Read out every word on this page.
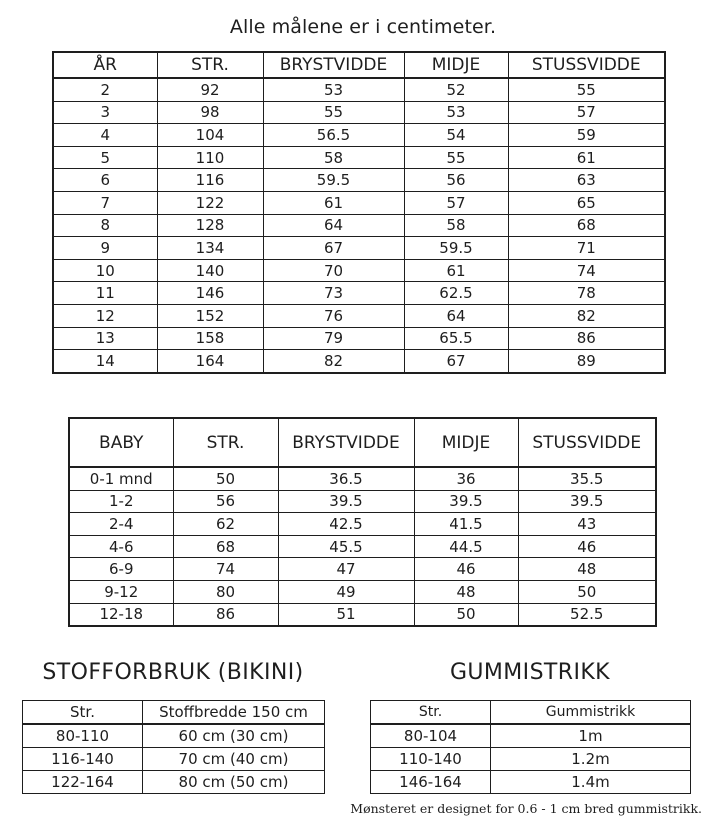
Alle målene er i centimeter.
ÅR	STR.	BRYSTVIDDE	MIDJE	STUSSVIDDE
2	92	53	52	55
3	98	55	53	57
4	104	56.5	54	59
5	110	58	55	61
6	116	59.5	56	63
7	122	61	57	65
8	128	64	58	68
9	134	67	59.5	71
10	140	70	61	74
11	146	73	62.5	78
12	152	76	64	82
13	158	79	65.5	86
14	164	82	67	89
BABY	STR.	BRYSTVIDDE	MIDJE	STUSSVIDDE
0-1 mnd	50	36.5	36	35.5
1-2	56	39.5	39.5	39.5
2-4	62	42.5	41.5	43
4-6	68	45.5	44.5	46
6-9	74	47	46	48
9-12	80	49	48	50
12-18	86	51	50	52.5
STOFFORBRUK (BIKINI)	GUMMISTRIKK
Str.	Stoffbredde 150 cm
80-110	60 cm (30 cm)
116-140	70 cm (40 cm)
122-164	80 cm (50 cm)
Str.	Gummistrikk
80-104	1m
110-140	1.2m
146-164	1.4m
Mønsteret er designet for 0.6 - 1 cm bred gummistrikk.
